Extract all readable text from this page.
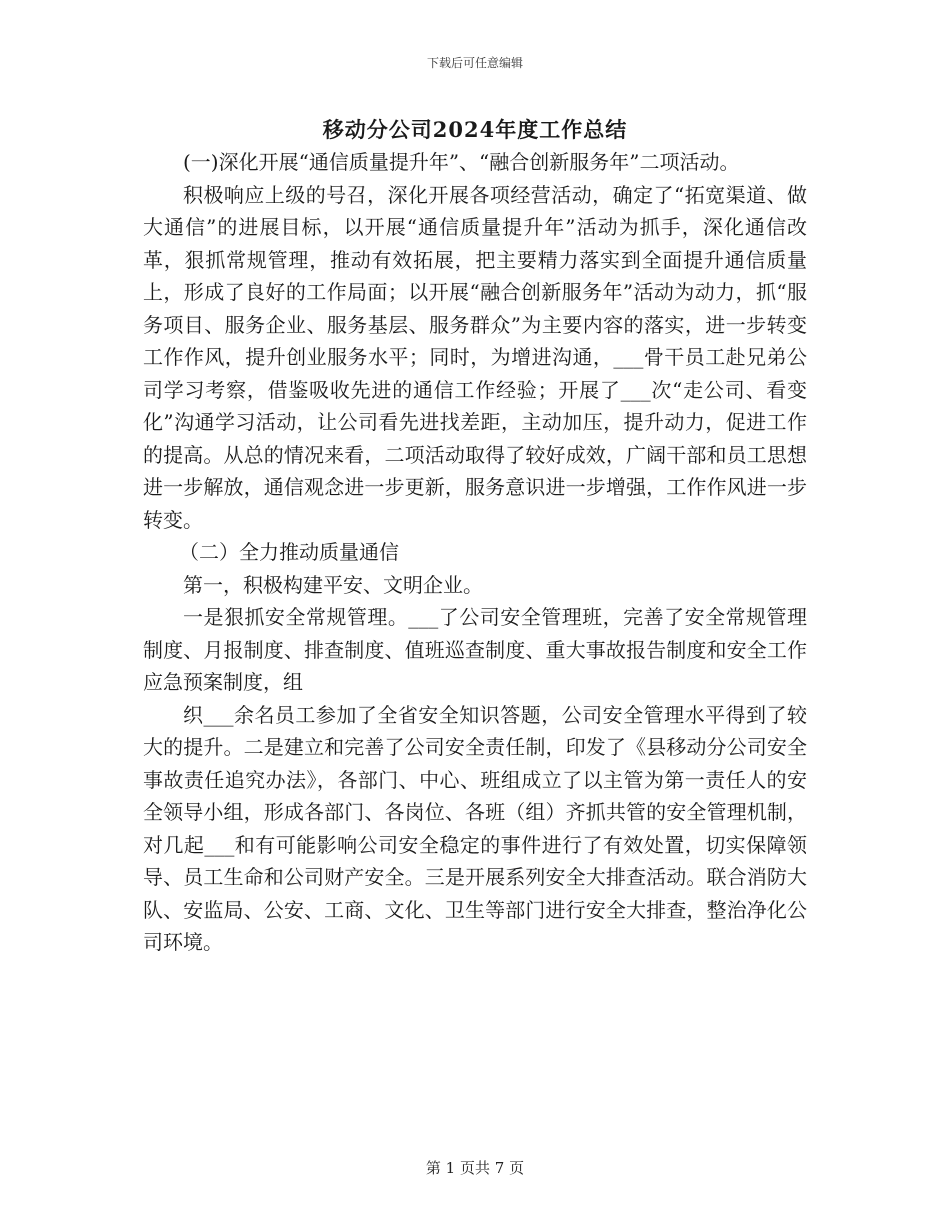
下载后可任意编辑
移动分公司2024年度工作总结

(一)深化开展“通信质量提升年”、“融合创新服务年”二项活动。

积极响应上级的号召，深化开展各项经营活动，确定了“拓宽渠道、做大通信”的进展目标，以开展“通信质量提升年”活动为抓手，深化通信改革，狠抓常规管理，推动有效拓展，把主要精力落实到全面提升通信质量上，形成了良好的工作局面；以开展“融合创新服务年”活动为动力，抓“服务项目、服务企业、服务基层、服务群众”为主要内容的落实，进一步转变工作作风，提升创业服务水平；同时，为增进沟通，___骨干员工赴兄弟公司学习考察，借鉴吸收先进的通信工作经验；开展了___次“走公司、看变化”沟通学习活动，让公司看先进找差距，主动加压，提升动力，促进工作的提高。从总的情况来看，二项活动取得了较好成效，广阔干部和员工思想进一步解放，通信观念进一步更新，服务意识进一步增强，工作作风进一步转变。

（二）全力推动质量通信

第一，积极构建平安、文明企业。

一是狠抓安全常规管理。___了公司安全管理班，完善了安全常规管理制度、月报制度、排查制度、值班巡查制度、重大事故报告制度和安全工作应急预案制度，组

织___余名员工参加了全省安全知识答题，公司安全管理水平得到了较大的提升。二是建立和完善了公司安全责任制，印发了《县移动分公司安全事故责任追究办法》，各部门、中心、班组成立了以主管为第一责任人的安全领导小组，形成各部门、各岗位、各班（组）齐抓共管的安全管理机制，对几起___和有可能影响公司安全稳定的事件进行了有效处置，切实保障领导、员工生命和公司财产安全。三是开展系列安全大排查活动。联合消防大队、安监局、公安、工商、文化、卫生等部门进行安全大排查，整治净化公司环境。

第 1 页共 7 页
